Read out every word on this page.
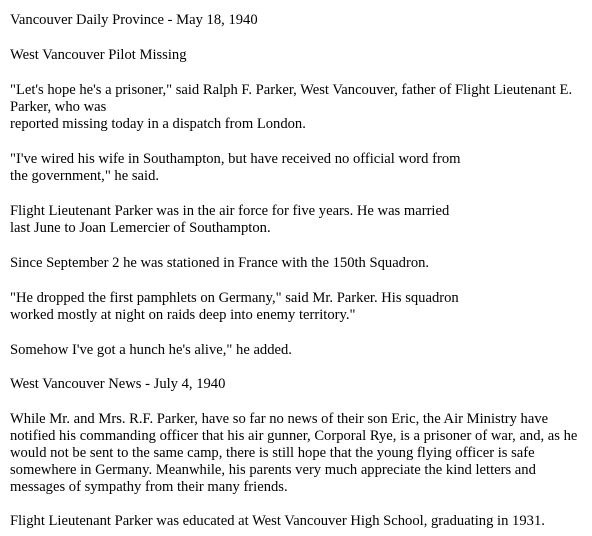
Vancouver Daily Province - May 18, 1940
West Vancouver Pilot Missing
"Let's hope he's a prisoner," said Ralph F. Parker, West Vancouver, father of Flight Lieutenant E.
Parker, who was
reported missing today in a dispatch from London.
"I've wired his wife in Southampton, but have received no official word from
the government," he said.
Flight Lieutenant Parker was in the air force for five years. He was married
last June to Joan Lemercier of Southampton.
Since September 2 he was stationed in France with the 150th Squadron.
"He dropped the first pamphlets on Germany," said Mr. Parker. His squadron
worked mostly at night on raids deep into enemy territory."
Somehow I've got a hunch he's alive," he added.
West Vancouver News - July 4, 1940
While Mr. and Mrs. R.F. Parker, have so far no news of their son Eric, the Air Ministry have
notified his commanding officer that his air gunner, Corporal Rye, is a prisoner of war, and, as he
would not be sent to the same camp, there is still hope that the young flying officer is safe
somewhere in Germany. Meanwhile, his parents very much appreciate the kind letters and
messages of sympathy from their many friends.
Flight Lieutenant Parker was educated at West Vancouver High School, graduating in 1931.
